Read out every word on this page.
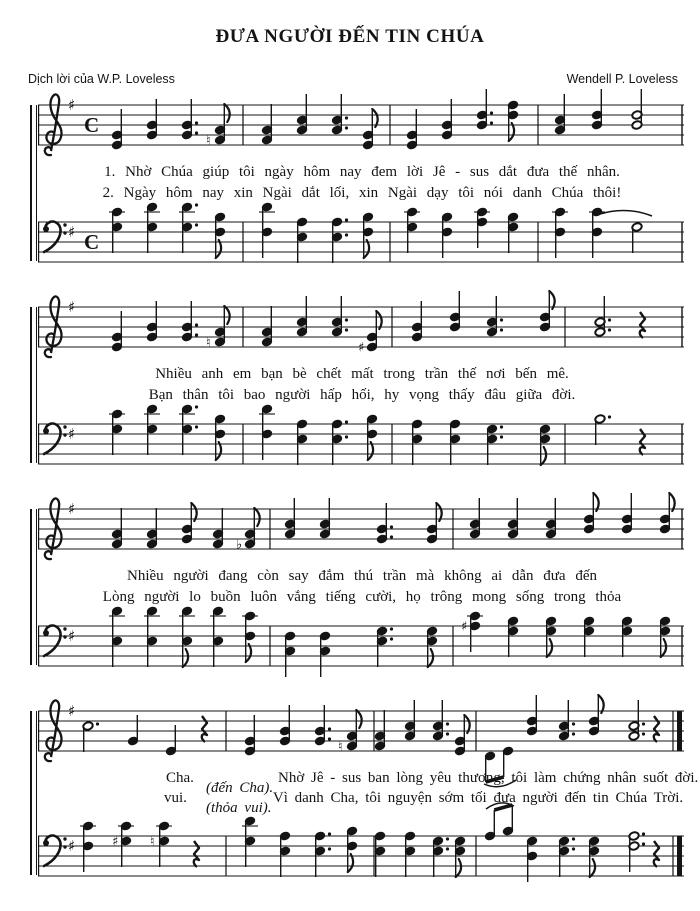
ĐƯA NGƯỜI ĐẾN TIN CHÚA
Dịch lời của W.P. Loveless	Wendell P. Loveless
♯
C
♮
1. Nhờ Chúa giúp tôi ngày hôm nay đem lời Jê - sus dắt đưa thế nhân.
2. Ngày hôm nay xin Ngài dắt lối, xin Ngài dạy tôi nói danh Chúa thôi!
♯ C
♯
♮	♯
Nhiều anh em bạn bè chết mất trong trần thế nơi bến mê.
Bạn thân tôi bao người hấp hối, hy vọng thấy đâu giữa đời.
♯
♯
♭
Nhiều người đang còn say đắm thú trần mà không ai dẫn đưa đến
Lòng người lo buồn luôn vắng tiếng cười, họ trông mong sống trong thỏa
♯	♯
♯
♮
Cha.
vui.
(đến Cha).
(thỏa vui).
Nhờ Jê - sus ban lòng yêu thương, tôi làm chứng nhân suốt đời.
Vì danh Cha, tôi nguyện sớm tối đưa người đến tin Chúa Trời.
♯	♯ ♮
